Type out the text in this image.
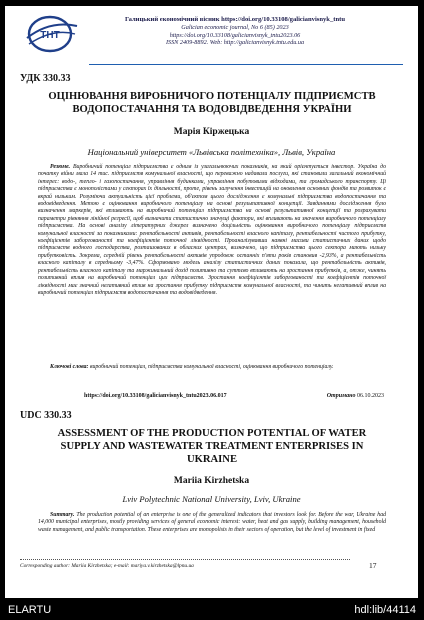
ТНТ
Галицький економічний вісник https://doi.org/10.33108/galicianvisnyk_tntu
Galician economic journal, No 6 (85) 2023
https://doi.org/10.33108/galicianvisnyk_tntu2023.06
ISSN 2409-8892. Web: http://galicianvisnyk.tntu.edu.ua
УДК 330.33
ОЦІНЮВАННЯ ВИРОБНИЧОГО ПОТЕНЦІАЛУ ПІДПРИЄМСТВ
ВОДОПОСТАЧАННЯ ТА ВОДОВІДВЕДЕННЯ УКРАЇНИ
Марія Кіржецька
Національний університет «Львівська політехніка», Львів, Україна
Резюме. Виробничий потенціал підприємства є одним із узагальнюючих показників, на який орієнтується інвестор. Україна до початку війни мала 14 тис. підприємств комунальної власності, що переважно надавали послуги, які становили загальний економічний інтерес: водо-, тепло- і газопостачання, управління будинками, управління побутовими відходами, та громадського транспорту. Ці підприємства є монополістами у секторах їх діяльності, проте, рівень залучення інвестицій на оновлення основних фондів та розвиток є вкрай низьким. Розуміючи актуальність цієї проблеми, об'єктом цього дослідження є комунальні підприємства водопостачання та водовідведення. Метою є оцінювання виробничого потенціалу на основі результативної концепції. Завданнями дослідження було визначення маркерів, які впливають на виробничий потенціал підприємства на основі результативної концепції та розрахувати параметри рівняння лінійної регресії, щоб визначити статистично значущі фактори, які впливають на значення виробничого потенціалу підприємства. На основі аналізу літературних джерел визначено доцільність оцінювання виробничого потенціалу підприємств комунальної власності за показниками: рентабельності активів, рентабельності власного капіталу, рентабельності чистого прибутку, коефіцієнтів заборгованості та коефіцієнтів поточної ліквідності. Проаналізувавши наявні масиви статистичних даних щодо підприємств водного господарства, розташованих в обласних центрах, визначено, що підприємства цього сектора мають низьку прибутковість. Зокрема, середній рівень рентабельності активів упродовж останніх п'яти років становив -2,93%, а рентабельність власного капіталу в середньому -3,47%. Сформовано модель аналізу статистичних даних показала, що рентабельність активів, рентабельність власного капіталу та маржинальний дохід позитивно та суттєво впливають на зростання прибутків, а, отже, чинять позитивний вплив на виробничий потенціал цих підприємств. Зростання коефіцієнтів заборгованості та коефіцієнтів поточної ліквідності має значний негативний вплив на зростання прибутку підприємств комунальної власності, та чинить негативний вплив на виробничий потенціал підприємств водопостачання та водовідведення.
Ключові слова: виробничий потенціал, підприємства комунальної власності, оцінювання виробничого потенціалу.
https://doi.org/10.33108/galicianvisnyk_tntu2023.06.017	Отримано 06.10.2023
UDC 330.33
ASSESSMENT OF THE PRODUCTION POTENTIAL OF WATER
SUPPLY AND WASTEWATER TREATMENT ENTERPRISES IN
UKRAINE
Mariia Kirzhetska
Lviv Polytechnic National University, Lviv, Ukraine
Summary. The production potential of an enterprise is one of the generalized indicators that investors look for. Before the war, Ukraine had 14,000 municipal enterprises, mostly providing services of general economic interest: water, heat and gas supply, building management, household waste management, and public transportation. These enterprises are monopolists in their sectors of operation, but the level of investment in fixed
Corresponding author: Mariia Kirzhetska; e-mail: mariya.v.kirzhetska@lpnu.ua	17
ELARTU	hdl:lib/44114
